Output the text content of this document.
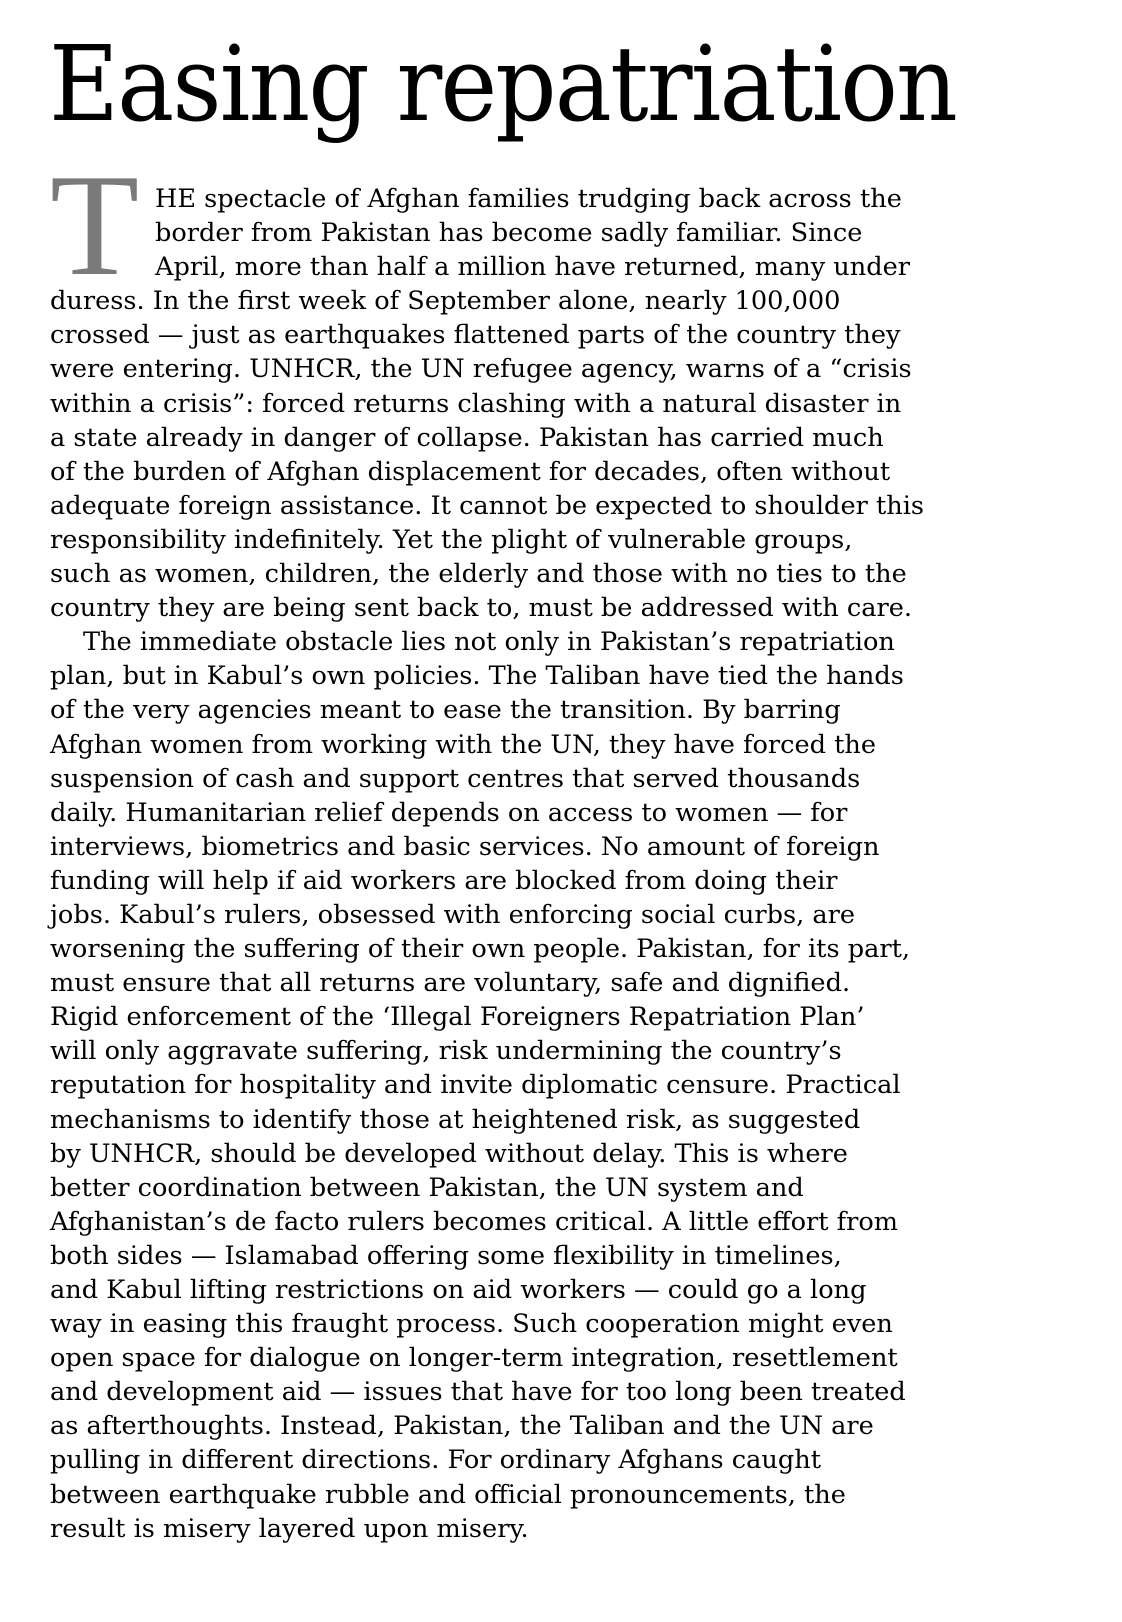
Easing repatriation
T HE spectacle of Afghan families trudging back across the
border from Pakistan has become sadly familiar. Since
April, more than half a million have returned, many under
duress. In the first week of September alone, nearly 100,000
crossed — just as earthquakes flattened parts of the country they
were entering. UNHCR, the UN refugee agency, warns of a “crisis
within a crisis”: forced returns clashing with a natural disaster in
a state already in danger of collapse. Pakistan has carried much
of the burden of Afghan displacement for decades, often without
adequate foreign assistance. It cannot be expected to shoulder this
responsibility indefinitely. Yet the plight of vulnerable groups,
such as women, children, the elderly and those with no ties to the
country they are being sent back to, must be addressed with care.
The immediate obstacle lies not only in Pakistan’s repatriation
plan, but in Kabul’s own policies. The Taliban have tied the hands
of the very agencies meant to ease the transition. By barring
Afghan women from working with the UN, they have forced the
suspension of cash and support centres that served thousands
daily. Humanitarian relief depends on access to women — for
interviews, biometrics and basic services. No amount of foreign
funding will help if aid workers are blocked from doing their
jobs. Kabul’s rulers, obsessed with enforcing social curbs, are
worsening the suffering of their own people. Pakistan, for its part,
must ensure that all returns are voluntary, safe and dignified.
Rigid enforcement of the ‘Illegal Foreigners Repatriation Plan’
will only aggravate suffering, risk undermining the country’s
reputation for hospitality and invite diplomatic censure. Practical
mechanisms to identify those at heightened risk, as suggested
by UNHCR, should be developed without delay. This is where
better coordination between Pakistan, the UN system and
Afghanistan’s de facto rulers becomes critical. A little effort from
both sides — Islamabad offering some flexibility in timelines,
and Kabul lifting restrictions on aid workers — could go a long
way in easing this fraught process. Such cooperation might even
open space for dialogue on longer-term integration, resettlement
and development aid — issues that have for too long been treated
as afterthoughts. Instead, Pakistan, the Taliban and the UN are
pulling in different directions. For ordinary Afghans caught
between earthquake rubble and official pronouncements, the
result is misery layered upon misery.
